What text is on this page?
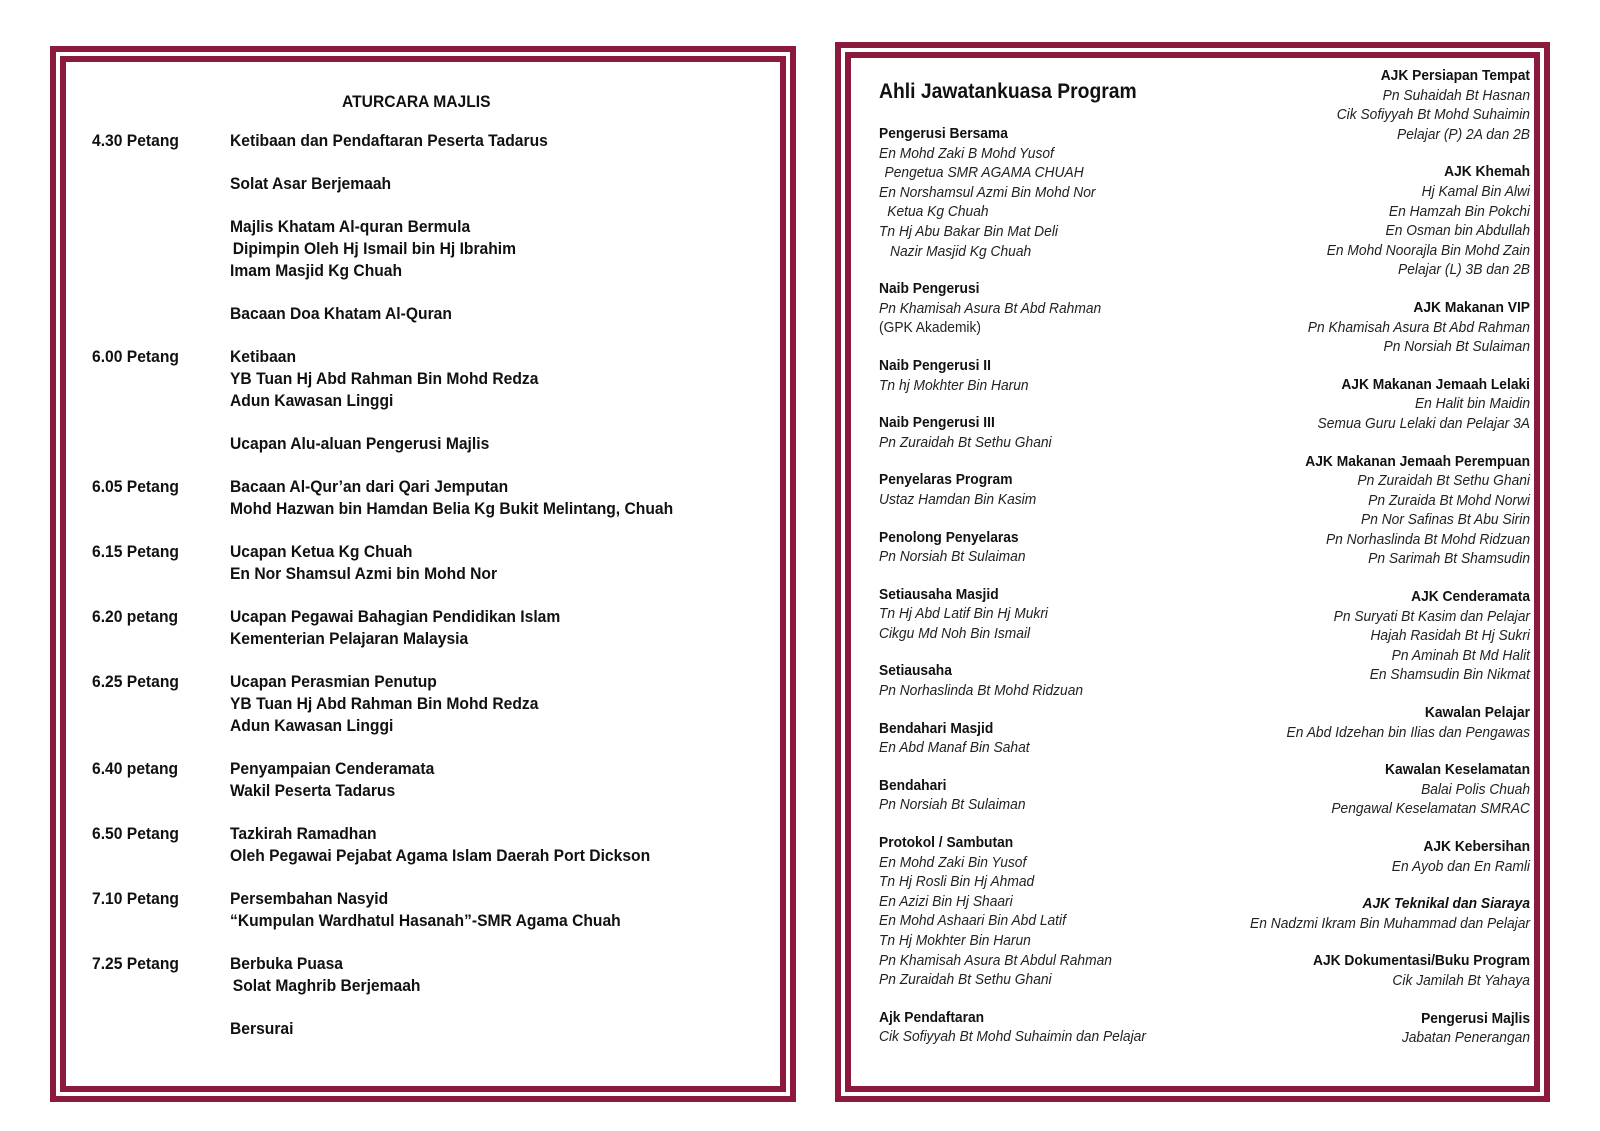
ATURCARA MAJLIS
4.30 Petang	Ketibaan dan Pendaftaran Peserta Tadarus
Solat Asar Berjemaah
Majlis Khatam Al-quran Bermula
Dipimpin Oleh Hj Ismail bin Hj Ibrahim
Imam Masjid Kg Chuah
Bacaan Doa Khatam Al-Quran
6.00 Petang	Ketibaan
YB Tuan Hj Abd Rahman Bin Mohd Redza
Adun Kawasan Linggi
Ucapan Alu-aluan Pengerusi Majlis
6.05 Petang	Bacaan Al-Qur’an dari Qari Jemputan
Mohd Hazwan bin Hamdan Belia Kg Bukit Melintang, Chuah
6.15 Petang	Ucapan Ketua Kg Chuah
En Nor Shamsul Azmi bin Mohd Nor
6.20 petang	Ucapan Pegawai Bahagian Pendidikan Islam
Kementerian Pelajaran Malaysia
6.25 Petang	Ucapan Perasmian Penutup
YB Tuan Hj Abd Rahman Bin Mohd Redza
Adun Kawasan Linggi
6.40 petang	Penyampaian Cenderamata
Wakil Peserta Tadarus
6.50 Petang	Tazkirah Ramadhan
Oleh Pegawai Pejabat Agama Islam Daerah Port Dickson
7.10 Petang	Persembahan Nasyid
“Kumpulan Wardhatul Hasanah”-SMR Agama Chuah
7.25 Petang	Berbuka Puasa
Solat Maghrib Berjemaah
Bersurai
Ahli Jawatankuasa Program
Pengerusi Bersama
En Mohd Zaki B Mohd Yusof
Pengetua SMR AGAMA CHUAH
En Norshamsul Azmi Bin Mohd Nor
Ketua Kg Chuah
Tn Hj Abu Bakar Bin Mat Deli
Nazir Masjid Kg Chuah
Naib Pengerusi
Pn Khamisah Asura Bt Abd Rahman
(GPK Akademik)
Naib Pengerusi II
Tn hj Mokhter Bin Harun
Naib Pengerusi III
Pn Zuraidah Bt Sethu Ghani
Penyelaras Program
Ustaz Hamdan Bin Kasim
Penolong Penyelaras
Pn Norsiah Bt Sulaiman
Setiausaha Masjid
Tn Hj Abd Latif Bin Hj Mukri
Cikgu Md Noh Bin Ismail
Setiausaha
Pn Norhaslinda Bt Mohd Ridzuan
Bendahari Masjid
En Abd Manaf Bin Sahat
Bendahari
Pn Norsiah Bt Sulaiman
Protokol / Sambutan
En Mohd Zaki Bin Yusof
Tn Hj Rosli Bin Hj Ahmad
En Azizi Bin Hj Shaari
En Mohd Ashaari Bin Abd Latif
Tn Hj Mokhter Bin Harun
Pn Khamisah Asura Bt Abdul Rahman
Pn Zuraidah Bt Sethu Ghani
Ajk Pendaftaran
Cik Sofiyyah Bt Mohd Suhaimin dan Pelajar
AJK Persiapan Tempat
Pn Suhaidah Bt Hasnan
Cik Sofiyyah Bt Mohd Suhaimin
Pelajar (P) 2A dan 2B
AJK Khemah
Hj Kamal Bin Alwi
En Hamzah Bin Pokchi
En Osman bin Abdullah
En Mohd Noorajla Bin Mohd Zain
Pelajar (L) 3B dan 2B
AJK Makanan VIP
Pn Khamisah Asura Bt Abd Rahman
Pn Norsiah Bt Sulaiman
AJK Makanan Jemaah Lelaki
En Halit bin Maidin
Semua Guru Lelaki dan Pelajar 3A
AJK Makanan Jemaah Perempuan
Pn Zuraidah Bt Sethu Ghani
Pn Zuraida Bt Mohd Norwi
Pn Nor Safinas Bt Abu Sirin
Pn Norhaslinda Bt Mohd Ridzuan
Pn Sarimah Bt Shamsudin
AJK Cenderamata
Pn Suryati Bt Kasim dan Pelajar
Hajah Rasidah Bt Hj Sukri
Pn Aminah Bt Md Halit
En Shamsudin Bin Nikmat
Kawalan Pelajar
En Abd Idzehan bin Ilias dan Pengawas
Kawalan Keselamatan
Balai Polis Chuah
Pengawal Keselamatan SMRAC
AJK Kebersihan
En Ayob dan En Ramli
AJK Teknikal dan Siaraya
En Nadzmi Ikram Bin Muhammad dan Pelajar
AJK Dokumentasi/Buku Program
Cik Jamilah Bt Yahaya
Pengerusi Majlis
Jabatan Penerangan
